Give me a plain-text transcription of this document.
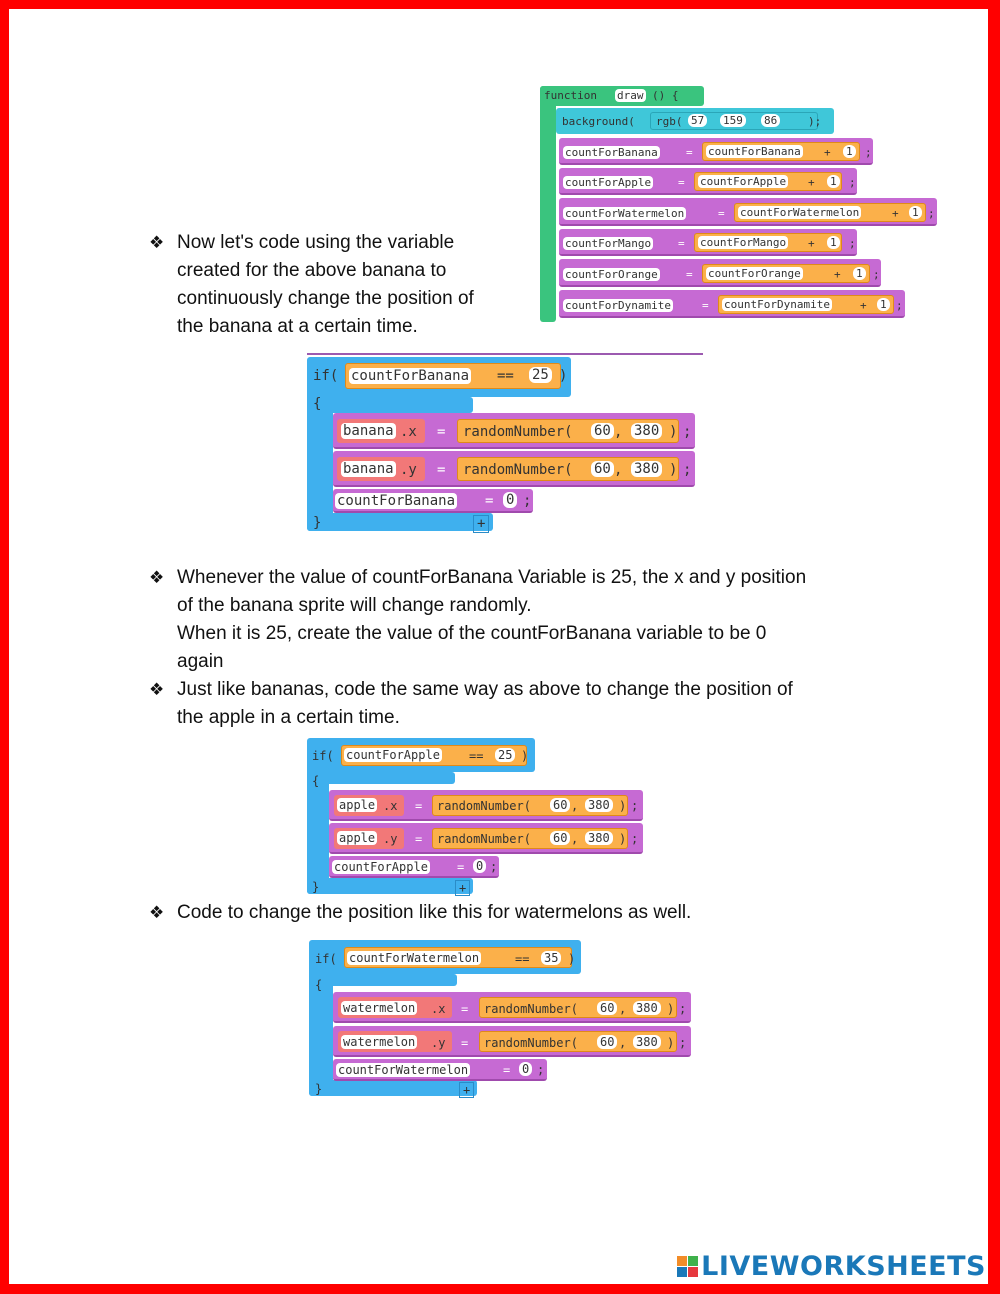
❖ Now let's code using the variable

created for the above banana to

continuously change the position of

the banana at a certain time.

function draw () {
background( rgb( 57 159 86	);
countForBanana	= countForBanana + 1 ;
countForApple = countForApple + 1 ;
countForWatermelon	= countForWatermelon	+ 1 ;
countForMango = countForMango + 1 ;
countForOrange	= countForOrange	+ 1 ;
countForDynamite	= countForDynamite	+ 1 ;
if( countForBanana == 25 )
{
banana .x = randomNumber( 60 , 380 ) ;
banana .y = randomNumber( 60 , 380 ) ;
countForBanana = 0 ;
}	+
❖ Whenever the value of countForBanana Variable is 25, the x and y position

of the banana sprite will change randomly.

When it is 25, create the value of the countForBanana variable to be 0

again

❖ Just like bananas, code the same way as above to change the position of

the apple in a certain time.

if( countForApple == 25 )
{
apple .x = randomNumber( 60 , 380 ) ;
apple .y = randomNumber( 60 , 380 ) ;
countForApple = 0 ;
}	+
❖ Code to change the position like this for watermelons as well.

if( countForWatermelon	== 35 )
{
watermelon .x = randomNumber( 60 , 380 ) ;
watermelon .y = randomNumber( 60 , 380 ) ;
countForWatermelon	= 0 ;
}	+
LIVEWORKSHEETS
